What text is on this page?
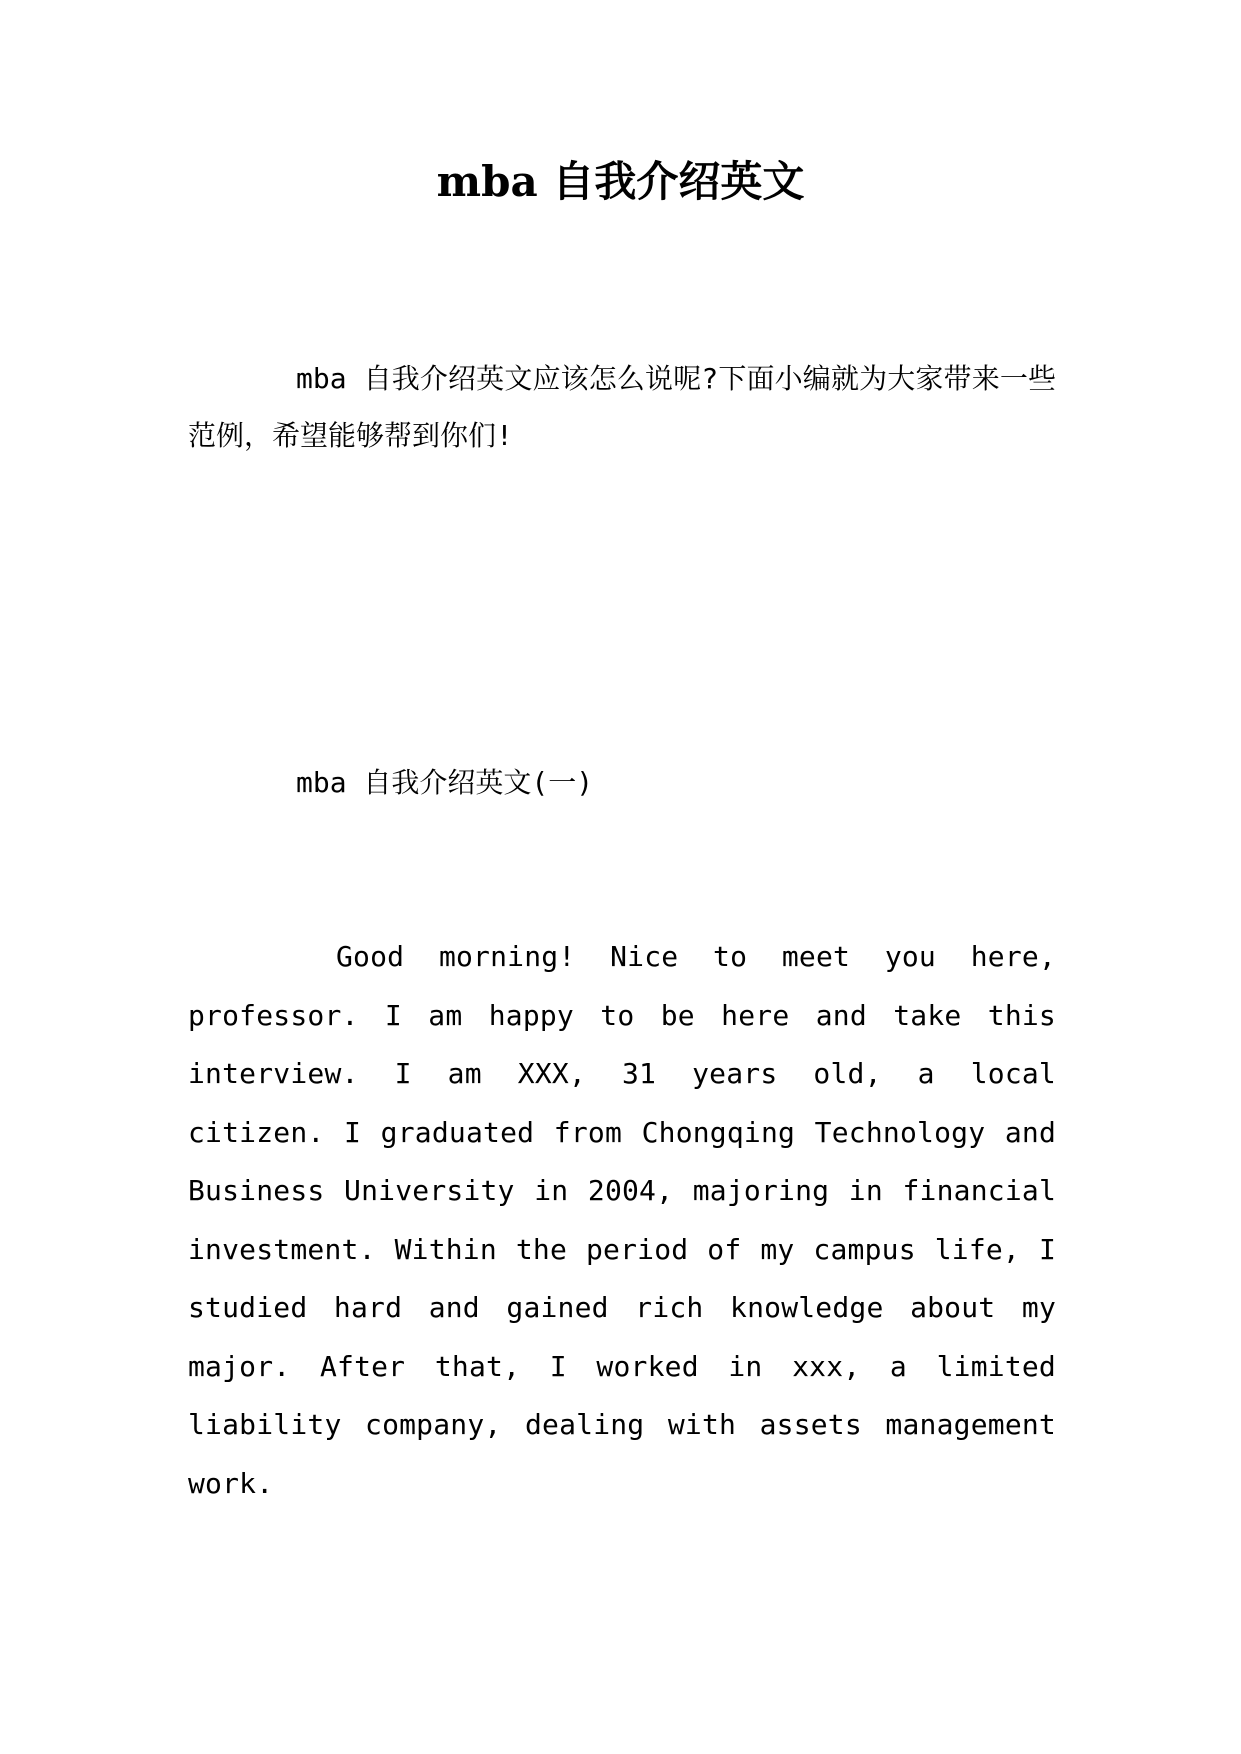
mba 自我介绍英文

mba 自我介绍英文应该怎么说呢?下面小编就为大家带来一些范例，希望能够帮到你们!

mba 自我介绍英文(一)

Good morning! Nice to meet you here, professor. I am happy to be here and take this interview. I am XXX, 31 years old, a local citizen. I graduated from Chongqing Technology and Business University in 2004, majoring in financial investment. Within the period of my campus life, I studied hard and gained rich knowledge about my major. After that, I worked in xxx, a limited liability company, dealing with assets management work.
